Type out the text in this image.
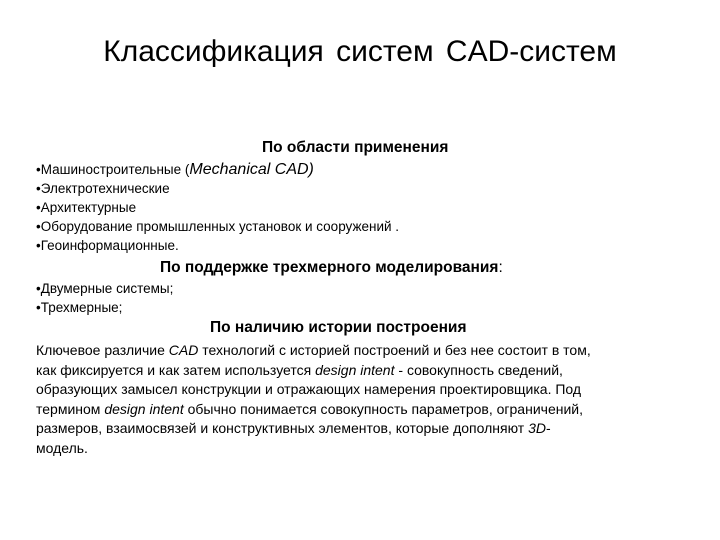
Классификация систем CAD-систем
По области применения
•Машиностроительные (Mechanical CAD)
•Электротехнические
•Архитектурные
•Оборудование промышленных установок и сооружений .
•Геоинформационные.
По поддержке трехмерного моделирования:
•Двумерные системы;
•Трехмерные;
По наличию истории построения

Ключевое различие CAD технологий с историей построений и без нее состоит в том,
как фиксируется и как затем используется design intent - совокупность сведений,
образующих замысел конструкции и отражающих намерения проектировщика. Под
термином design intent обычно понимается совокупность параметров, ограничений,
размеров, взаимосвязей и конструктивных элементов, которые дополняют 3D-
модель.
